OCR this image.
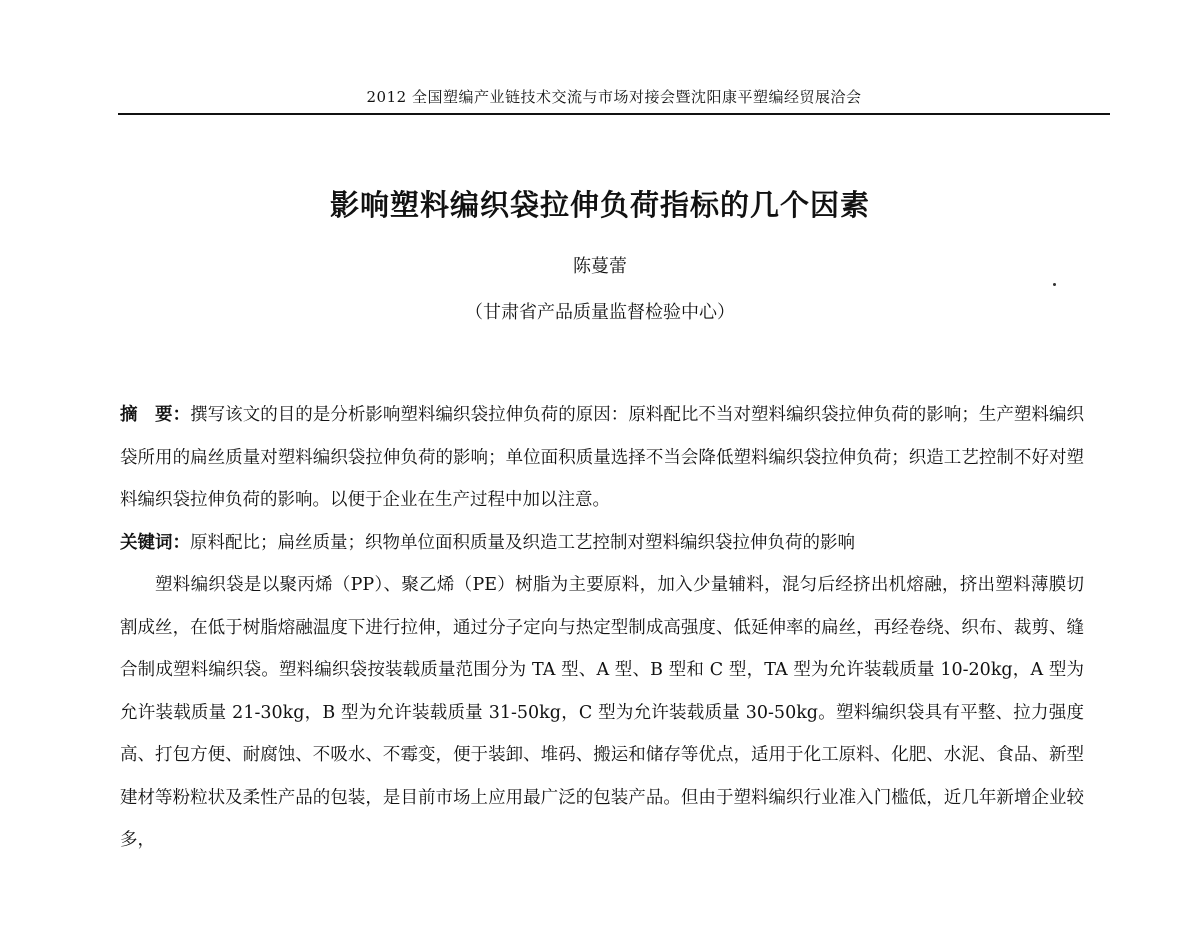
2012 全国塑编产业链技术交流与市场对接会暨沈阳康平塑编经贸展洽会
影响塑料编织袋拉伸负荷指标的几个因素
陈蔓蕾
（甘肃省产品质量监督检验中心）

摘　要：撰写该文的目的是分析影响塑料编织袋拉伸负荷的原因：原料配比不当对塑料编织袋拉伸负荷的影响；生产塑料编织袋所用的扁丝质量对塑料编织袋拉伸负荷的影响；单位面积质量选择不当会降低塑料编织袋拉伸负荷；织造工艺控制不好对塑料编织袋拉伸负荷的影响。以便于企业在生产过程中加以注意。

关键词：原料配比；扁丝质量；织物单位面积质量及织造工艺控制对塑料编织袋拉伸负荷的影响

塑料编织袋是以聚丙烯（PP）、聚乙烯（PE）树脂为主要原料，加入少量辅料，混匀后经挤出机熔融，挤出塑料薄膜切割成丝，在低于树脂熔融温度下进行拉伸，通过分子定向与热定型制成高强度、低延伸率的扁丝，再经卷绕、织布、裁剪、缝合制成塑料编织袋。塑料编织袋按装载质量范围分为 TA 型、A 型、B 型和 C 型，TA 型为允许装载质量 10-20kg，A 型为允许装载质量 21-30kg，B 型为允许装载质量 31-50kg，C 型为允许装载质量 30-50kg。塑料编织袋具有平整、拉力强度高、打包方便、耐腐蚀、不吸水、不霉变，便于装卸、堆码、搬运和储存等优点，适用于化工原料、化肥、水泥、食品、新型建材等粉粒状及柔性产品的包装，是目前市场上应用最广泛的包装产品。但由于塑料编织行业准入门槛低，近几年新增企业较多，
